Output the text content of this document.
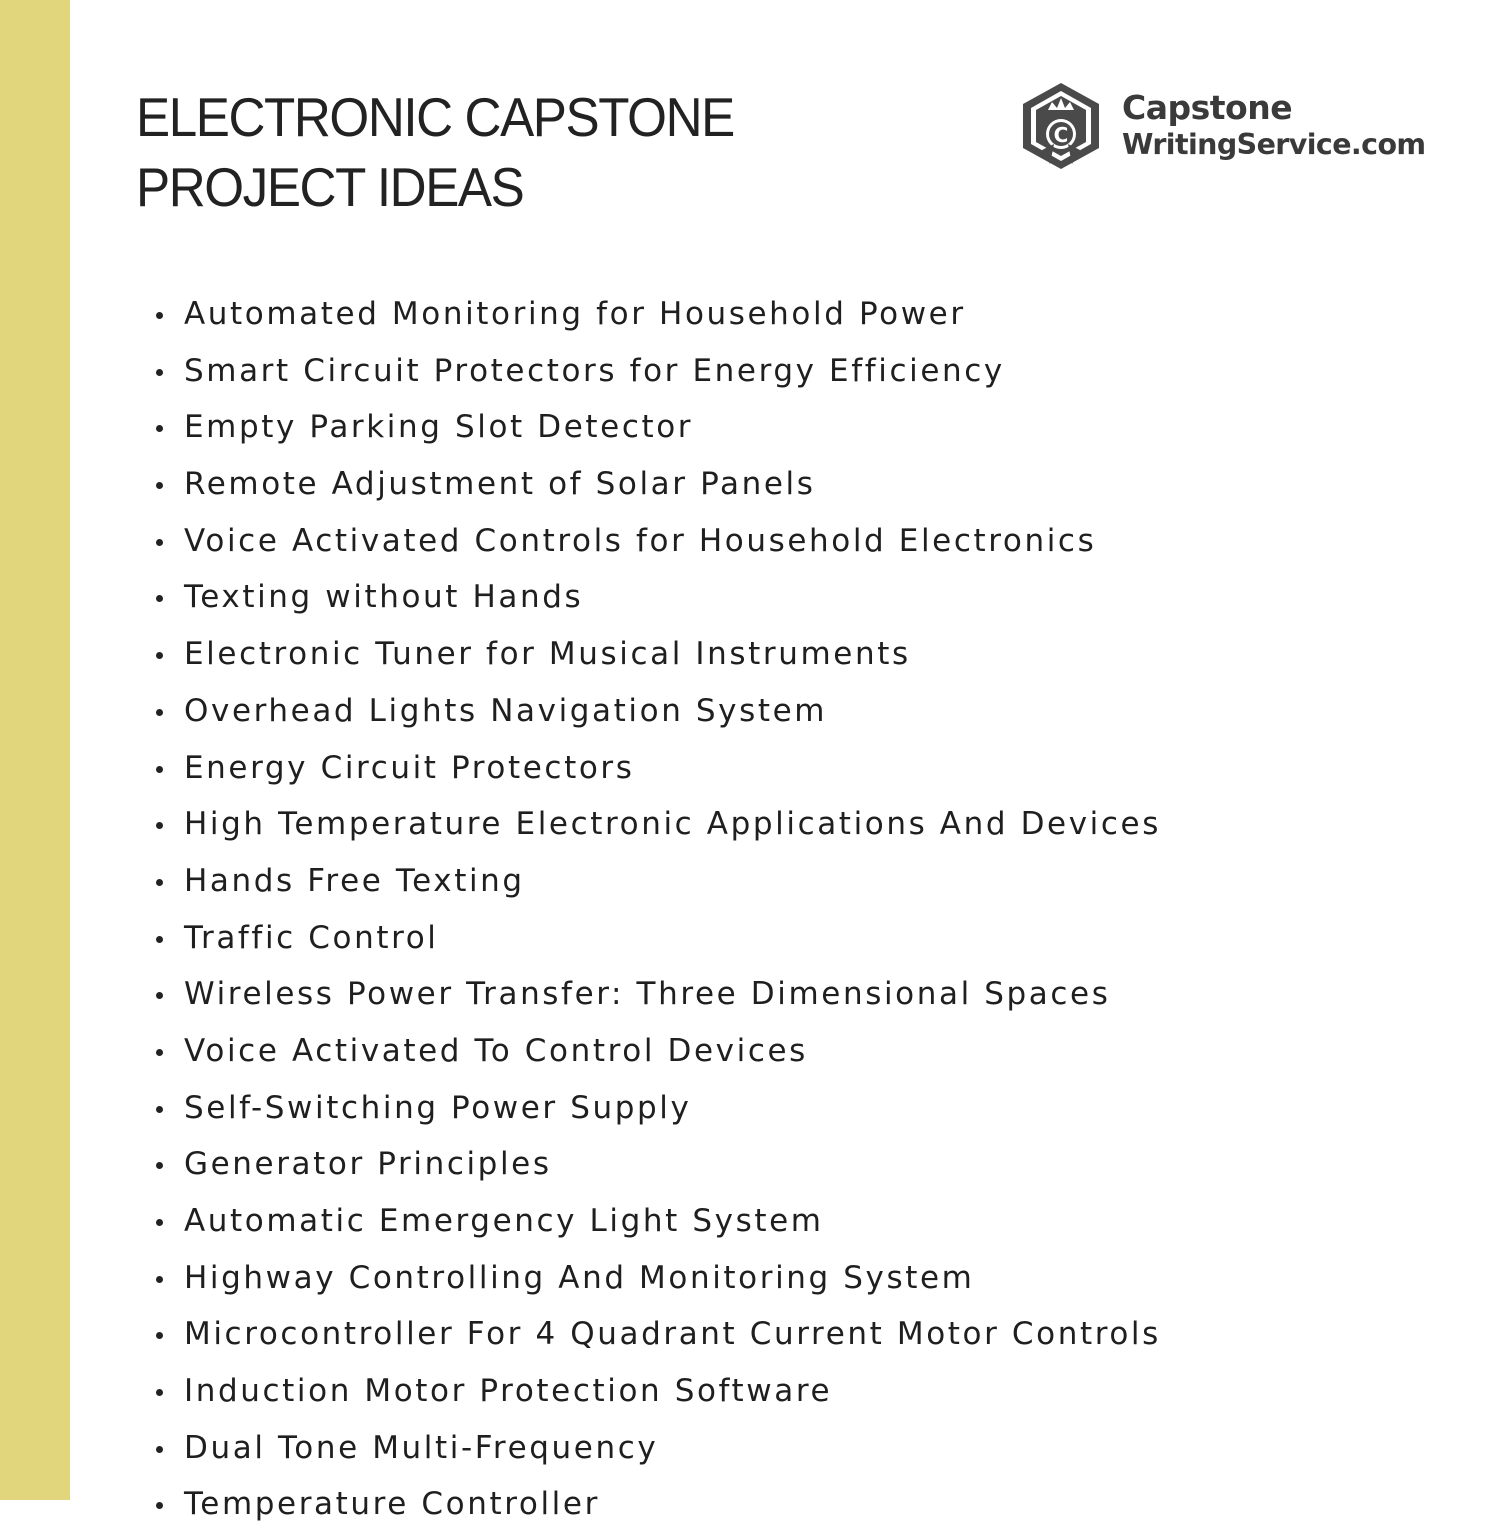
ELECTRONIC CAPSTONE
PROJECT IDEAS
C
Capstone
WritingService.com
Automated Monitoring for Household Power
Smart Circuit Protectors for Energy Efficiency
Empty Parking Slot Detector
Remote Adjustment of Solar Panels
Voice Activated Controls for Household Electronics
Texting without Hands
Electronic Tuner for Musical Instruments
Overhead Lights Navigation System
Energy Circuit Protectors
High Temperature Electronic Applications And Devices
Hands Free Texting
Traffic Control
Wireless Power Transfer: Three Dimensional Spaces
Voice Activated To Control Devices
Self-Switching Power Supply
Generator Principles
Automatic Emergency Light System
Highway Controlling And Monitoring System
Microcontroller For 4 Quadrant Current Motor Controls
Induction Motor Protection Software
Dual Tone Multi-Frequency
Temperature Controller
